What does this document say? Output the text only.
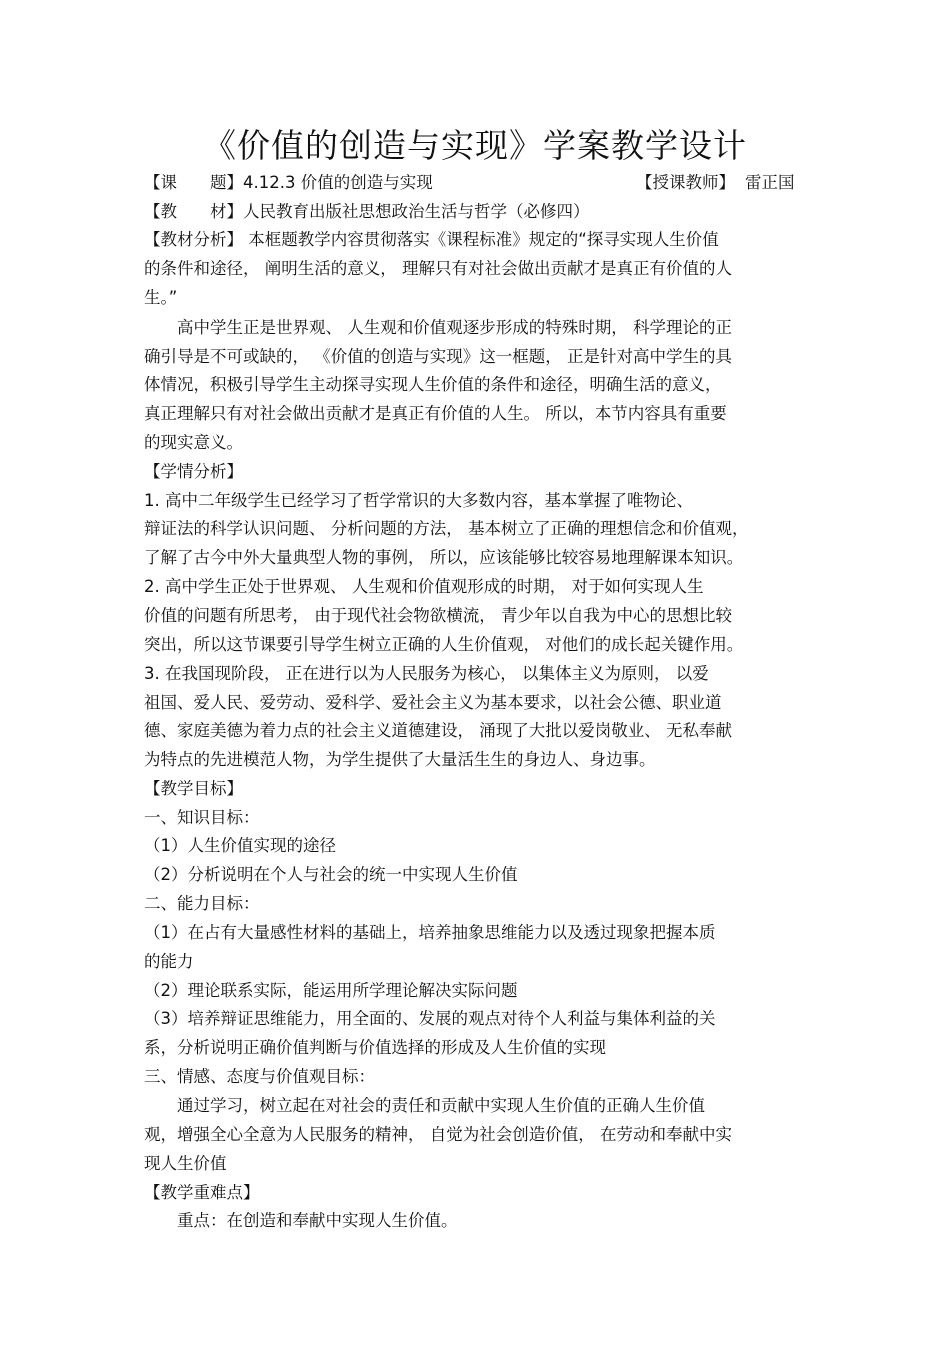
《价值的创造与实现》学案教学设计
【课　　题】4.12.3 价值的创造与实现	【授课教师】 雷正国
【教　　材】人民教育出版社思想政治生活与哲学（必修四）
【教材分析】 本框题教学内容贯彻落实《课程标准》规定的“探寻实现人生价值
的条件和途径， 阐明生活的意义， 理解只有对社会做出贡献才是真正有价值的人
生。”
　　高中学生正是世界观、 人生观和价值观逐步形成的特殊时期， 科学理论的正
确引导是不可或缺的， 《价值的创造与实现》这一框题， 正是针对高中学生的具
体情况，积极引导学生主动探寻实现人生价值的条件和途径，明确生活的意义，
真正理解只有对社会做出贡献才是真正有价值的人生。 所以，本节内容具有重要
的现实意义。
【学情分析】
1. 高中二年级学生已经学习了哲学常识的大多数内容，基本掌握了唯物论、
辩证法的科学认识问题、 分析问题的方法， 基本树立了正确的理想信念和价值观，
了解了古今中外大量典型人物的事例， 所以，应该能够比较容易地理解课本知识。
2. 高中学生正处于世界观、 人生观和价值观形成的时期， 对于如何实现人生
价值的问题有所思考， 由于现代社会物欲横流， 青少年以自我为中心的思想比较
突出，所以这节课要引导学生树立正确的人生价值观， 对他们的成长起关键作用。
3. 在我国现阶段， 正在进行以为人民服务为核心， 以集体主义为原则， 以爱
祖国、爱人民、爱劳动、爱科学、爱社会主义为基本要求，以社会公德、职业道
德、家庭美德为着力点的社会主义道德建设， 涌现了大批以爱岗敬业、 无私奉献
为特点的先进模范人物，为学生提供了大量活生生的身边人、身边事。
【教学目标】
一、知识目标：
（1）人生价值实现的途径
（2）分析说明在个人与社会的统一中实现人生价值
二、能力目标：
（1）在占有大量感性材料的基础上，培养抽象思维能力以及透过现象把握本质
的能力
（2）理论联系实际，能运用所学理论解决实际问题
（3）培养辩证思维能力，用全面的、发展的观点对待个人利益与集体利益的关
系，分析说明正确价值判断与价值选择的形成及人生价值的实现
三、情感、态度与价值观目标：
　　通过学习，树立起在对社会的责任和贡献中实现人生价值的正确人生价值
观，增强全心全意为人民服务的精神， 自觉为社会创造价值， 在劳动和奉献中实
现人生价值
【教学重难点】
　　重点：在创造和奉献中实现人生价值。
